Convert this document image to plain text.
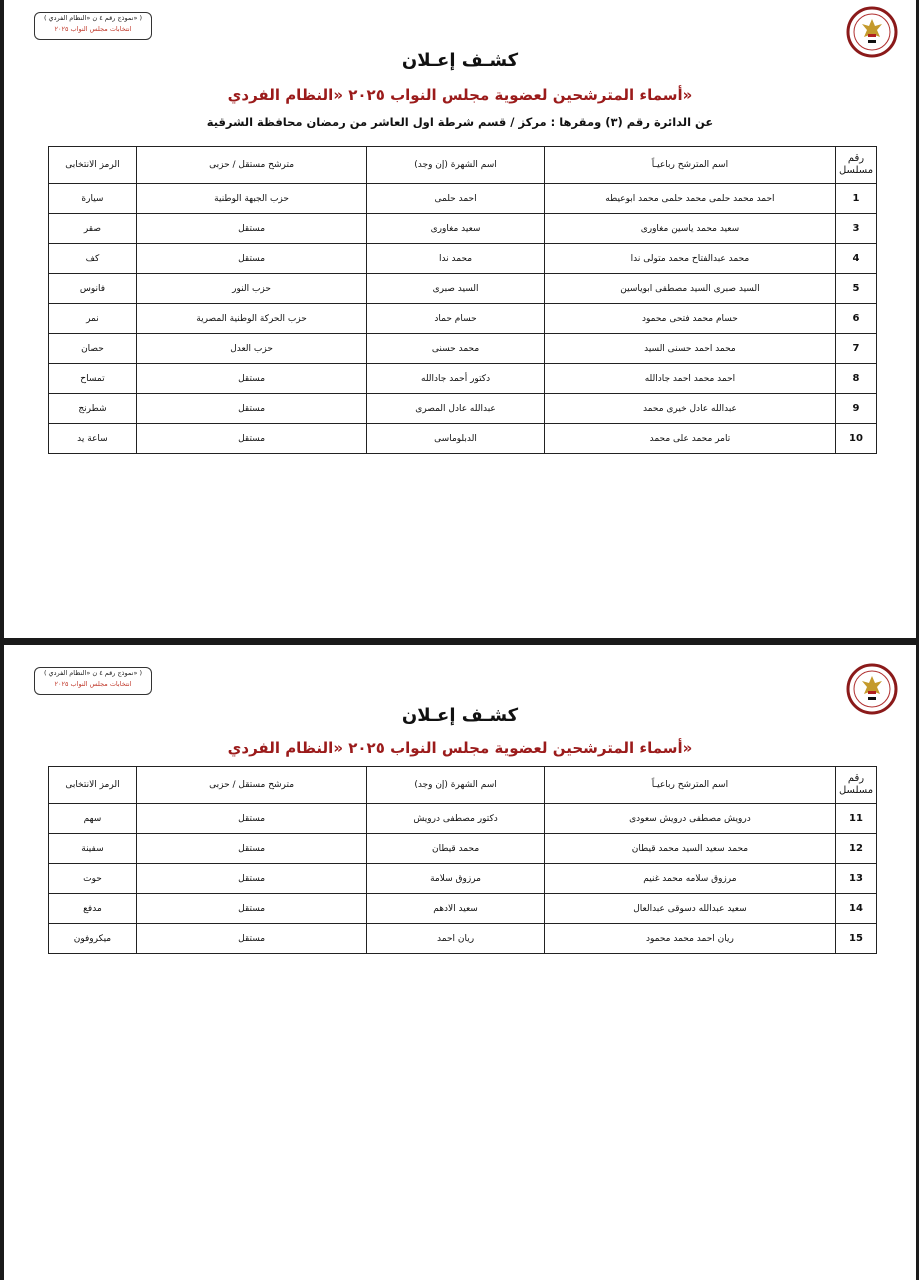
( نموذج رقم ٤ ن «النظام الفردي» )
انتخابات مجلس النواب ٢٠٢٥
كشـف إعـلان
أسماء المترشحين لعضوية مجلس النواب ٢٠٢٥ «النظام الفردي»
عن الدائرة رقم (٣) ومقرها : مركز / قسم شرطة اول العاشر من رمضان محافظة الشرقية
رقم مسلسل	اسم المترشح رباعيـاً	اسم الشهرة (إن وجد)	مترشح مستقل / حزبى	الرمز الانتخابى
1	احمد محمد حلمى محمد حلمى محمد ابوعيطه	احمد حلمى	حزب الجبهة الوطنية	سيارة
3	سعيد محمد ياسين مغاورى	سعيد مغاورى	مستقل	صقر
4	محمد عبدالفتاح محمد متولى ندا	محمد ندا	مستقل	كف
5	السيد صبرى السيد مصطفى ابوياسين	السيد صبرى	حزب النور	فانوس
6	حسام محمد فتحى محمود	حسام حماد	حزب الحركة الوطنية المصرية	نمر
7	محمد احمد حسنى السيد	محمد حسنى	حزب العدل	حصان
8	احمد محمد احمد جادالله	دكتور أحمد جادالله	مستقل	تمساح
9	عبدالله عادل خيرى محمد	عبدالله عادل المصرى	مستقل	شطرنج
10	تامر محمد على محمد	الدبلوماسى	مستقل	ساعة يد
( نموذج رقم ٤ ن «النظام الفردي» )
انتخابات مجلس النواب ٢٠٢٥
كشـف إعـلان
أسماء المترشحين لعضوية مجلس النواب ٢٠٢٥ «النظام الفردي»
رقم مسلسل	اسم المترشح رباعيـاً	اسم الشهرة (إن وجد)	مترشح مستقل / حزبى	الرمز الانتخابى
11	درويش مصطفى درويش سعودى	دكتور مصطفى درويش	مستقل	سهم
12	محمد سعيد السيد محمد قيطان	محمد قيطان	مستقل	سفينة
13	مرزوق سلامه محمد غنيم	مرزوق سلامة	مستقل	حوت
14	سعيد عبدالله دسوقى عبدالعال	سعيد الادهم	مستقل	مدفع
15	ريان احمد محمد محمود	ريان احمد	مستقل	ميكروفون
